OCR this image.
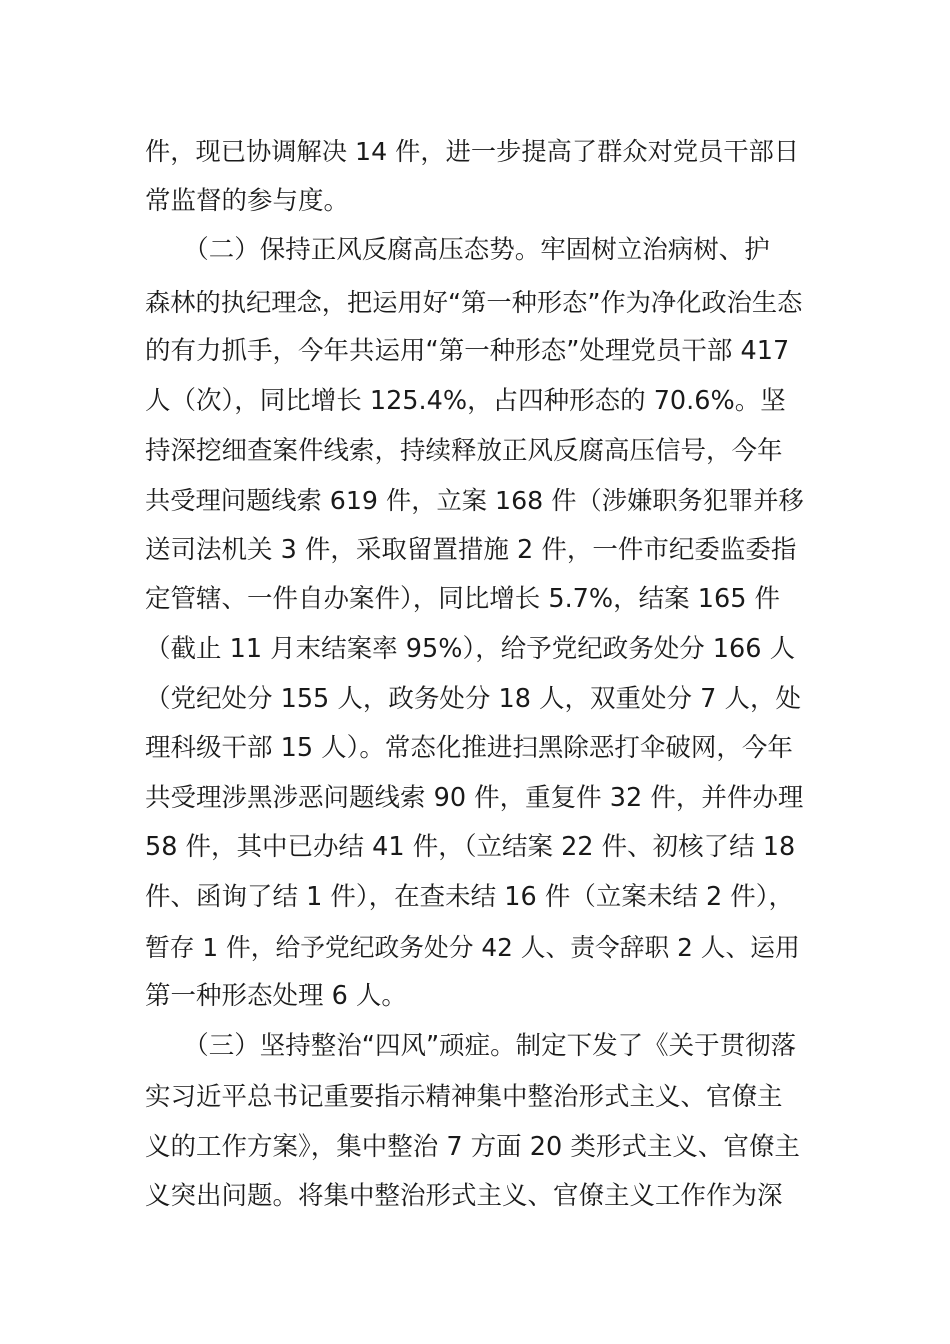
件，现已协调解决 14 件，进一步提高了群众对党员干部日
常监督的参与度。
　　（二）保持正风反腐高压态势。牢固树立治病树、护
森林的执纪理念，把运用好“第一种形态”作为净化政治生态
的有力抓手，今年共运用“第一种形态”处理党员干部 417
人（次），同比增长 125.4%，占四种形态的 70.6%。坚
持深挖细查案件线索，持续释放正风反腐高压信号，今年
共受理问题线索 619 件，立案 168 件（涉嫌职务犯罪并移
送司法机关 3 件，采取留置措施 2 件，一件市纪委监委指
定管辖、一件自办案件），同比增长 5.7%，结案 165 件
（截止 11 月末结案率 95%），给予党纪政务处分 166 人
（党纪处分 155 人，政务处分 18 人，双重处分 7 人，处
理科级干部 15 人）。常态化推进扫黑除恶打伞破网，今年
共受理涉黑涉恶问题线索 90 件，重复件 32 件，并件办理
58 件，其中已办结 41 件，（立结案 22 件、初核了结 18
件、函询了结 1 件），在查未结 16 件（立案未结 2 件），
暂存 1 件，给予党纪政务处分 42 人、责令辞职 2 人、运用
第一种形态处理 6 人。
　　（三）坚持整治“四风”顽症。制定下发了《关于贯彻落
实习近平总书记重要指示精神集中整治形式主义、官僚主
义的工作方案》，集中整治 7 方面 20 类形式主义、官僚主
义突出问题。将集中整治形式主义、官僚主义工作作为深
